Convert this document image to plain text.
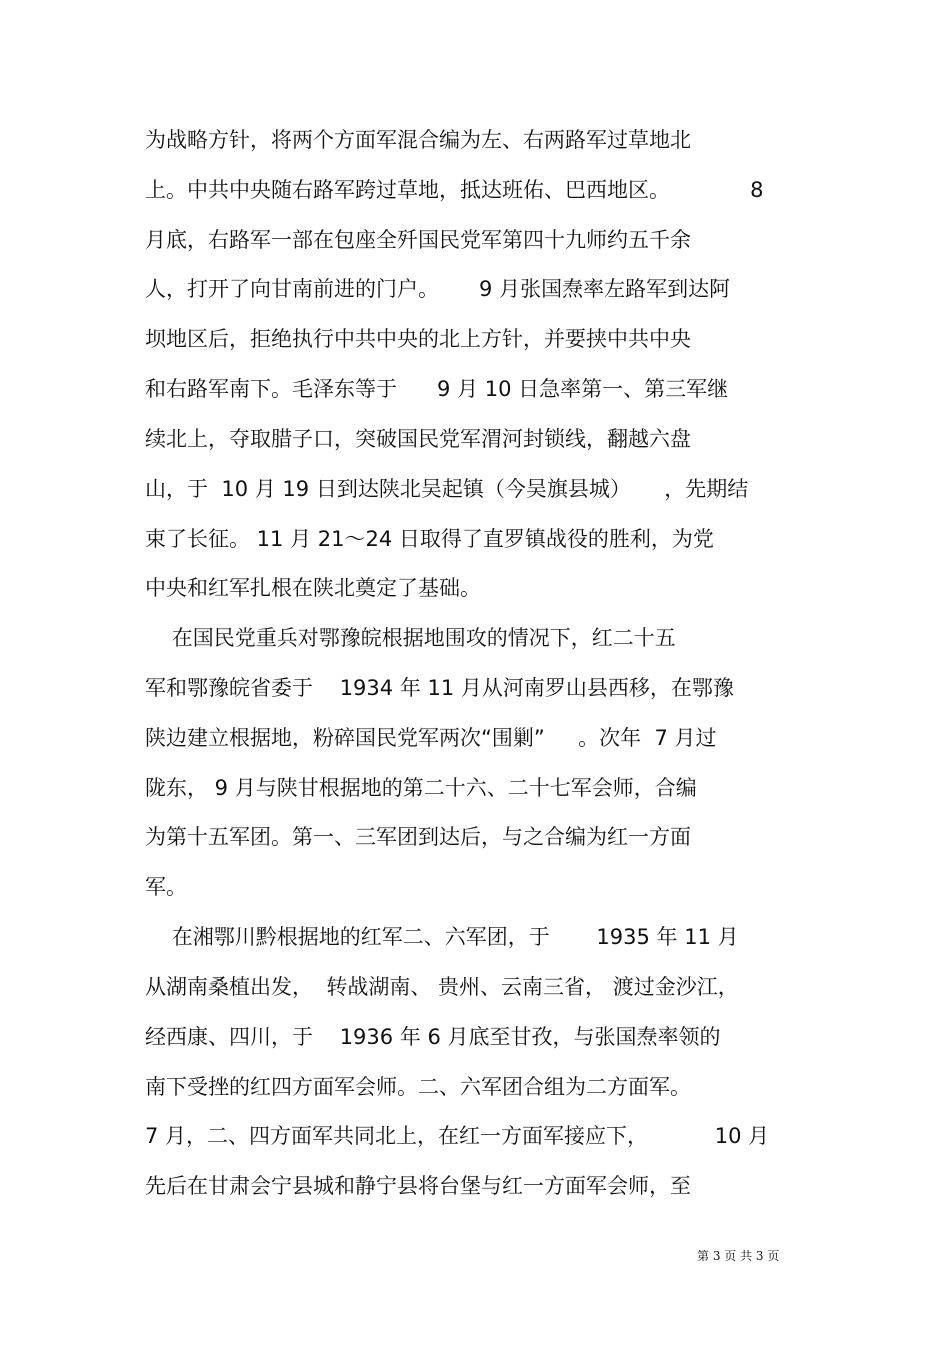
为战略方针，将两个方面军混合编为左、右两路军过草地北
上。中共中央随右路军跨过草地，抵达班佑、巴西地区。            8
月底，右路军一部在包座全歼国民党军第四十九师约五千余
人，打开了向甘南前进的门户。      9 月张国焘率左路军到达阿
坝地区后，拒绝执行中共中央的北上方针，并要挟中共中央
和右路军南下。毛泽东等于      9 月 10 日急率第一、第三军继
续北上，夺取腊子口，突破国民党军渭河封锁线，翻越六盘
山，于  10 月 19 日到达陕北吴起镇（今吴旗县城）     ，先期结
束了长征。 11 月 21～24 日取得了直罗镇战役的胜利，为党
中央和红军扎根在陕北奠定了基础。
在国民党重兵对鄂豫皖根据地围攻的情况下，红二十五
军和鄂豫皖省委于    1934 年 11 月从河南罗山县西移，在鄂豫
陕边建立根据地，粉碎国民党军两次“围剿”     。次年  7 月过
陇东， 9 月与陕甘根据地的第二十六、二十七军会师，合编
为第十五军团。第一、三军团到达后，与之合编为红一方面
军。
在湘鄂川黔根据地的红军二、六军团，于       1935 年 11 月
从湖南桑植出发，  转战湖南、 贵州、云南三省， 渡过金沙江，
经西康、四川，于    1936 年 6 月底至甘孜，与张国焘率领的
南下受挫的红四方面军会师。二、六军团合组为二方面军。
7 月，二、四方面军共同北上，在红一方面军接应下，          10 月
先后在甘肃会宁县城和静宁县将台堡与红一方面军会师，至
第 3 页 共 3 页
